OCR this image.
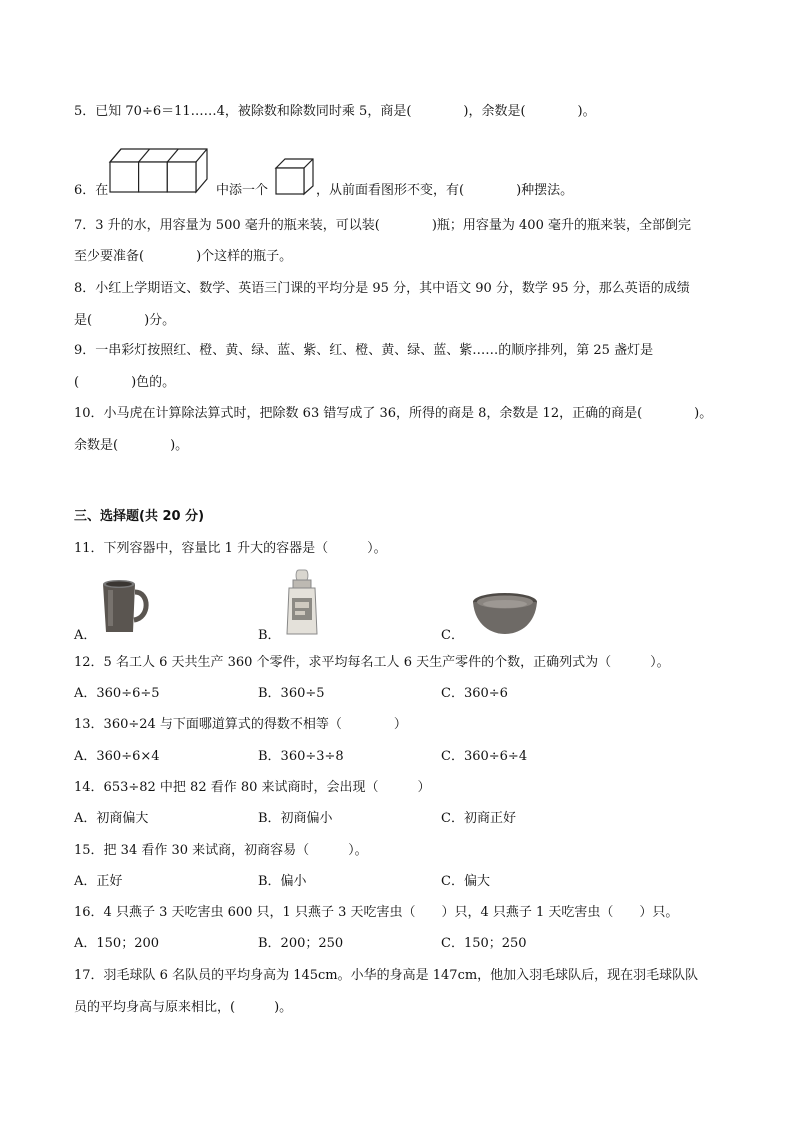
5．已知 70÷6＝11……4，被除数和除数同时乘 5，商是(　　　　)，余数是(　　　　)。
6．在	中添一个	，从前面看图形不变，有(　　　　)种摆法。
7．3 升的水，用容量为 500 毫升的瓶来装，可以装(　　　　)瓶；用容量为 400 毫升的瓶来装，全部倒完
至少要准备(　　　　)个这样的瓶子。
8．小红上学期语文、数学、英语三门课的平均分是 95 分，其中语文 90 分，数学 95 分，那么英语的成绩
是(　　　　)分。
9．一串彩灯按照红、橙、黄、绿、蓝、紫、红、橙、黄、绿、蓝、紫……的顺序排列，第 25 盏灯是
(　　　　)色的。
10．小马虎在计算除法算式时，把除数 63 错写成了 36，所得的商是 8，余数是 12，正确的商是(　　　　)。
余数是(　　　　)。
三、选择题(共 20 分)
11．下列容器中，容量比 1 升大的容器是（　　　）。
A．	B．	C．
12．5 名工人 6 天共生产 360 个零件，求平均每名工人 6 天生产零件的个数，正确列式为（　　　）。
A．360÷6÷5	B．360÷5	C．360÷6
13．360÷24 与下面哪道算式的得数不相等（　　　　）
A．360÷6×4	B．360÷3÷8	C．360÷6÷4
14．653÷82 中把 82 看作 80 来试商时，会出现（　　　）
A．初商偏大	B．初商偏小	C．初商正好
15．把 34 看作 30 来试商，初商容易（　　　）。
A．正好	B．偏小	C．偏大
16．4 只燕子 3 天吃害虫 600 只，1 只燕子 3 天吃害虫（　　）只，4 只燕子 1 天吃害虫（　　）只。
A．150；200	B．200；250	C．150；250
17．羽毛球队 6 名队员的平均身高为 145cm。小华的身高是 147cm，他加入羽毛球队后，现在羽毛球队队
员的平均身高与原来相比，(　　　)。
